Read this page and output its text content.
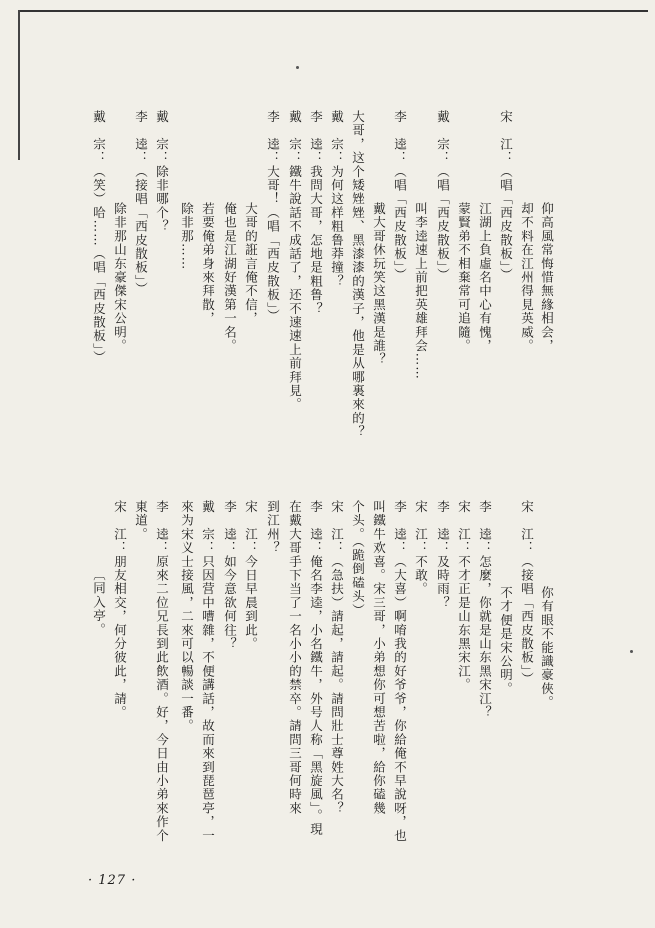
仰高風常悔惜無緣相会，
却不料在江州得見英威。
宋　江：（唱「西皮散板」）
江湖上負虛名中心有愧，
蒙賢弟不相棄常可追隨。
戴　宗：（唱「西皮散板」）
叫李逵速上前把英雄拜会……
李　逵：（唱「西皮散板」）
戴大哥休玩笑这黑漢是誰？
大哥，这个矮矬矬、黑漆漆的漢子，他是从哪裏來的？
戴　宗：为何这样粗鲁莽撞？
李　逵：我問大哥，怎地是粗鲁？
戴　宗：鐵牛說話不成話了，还不速速上前拜見。
李　逵：大哥！（唱「西皮散板」）
大哥的誑言俺不信，
俺也是江湖好漢第一名。
若要俺弟身來拜散，
除非那……
戴　宗：除非哪个？
李　逵：（接唱「西皮散板」）
除非那山东豪傑宋公明。
戴　宗：（笑）哈……（唱「西皮散板」）
你有眼不能識豪俠。
宋　江：（接唱「西皮散板」）
不才便是宋公明。
李　逵：怎麼，你就是山东黑宋江？
宋　江：不才正是山东黑宋江。
李　逵：及時雨？
宋　江：不敢。
李　逵：（大喜）啊唷我的好爷爷，你給俺不早說呀，也
叫鐵牛欢喜。宋三哥，小弟想你可想苦啦，給你磕幾
个头。（跪倒磕头）
宋　江：（急扶）請起，請起。請問壯士尊姓大名？
李　逵：俺名李逵，小名鐵牛，外号人称「黑旋風」。現
在戴大哥手下当了一名小小的禁卒。請問三哥何時來
到江州？
宋　江：今日早晨到此。
李　逵：如今意欲何往？
戴　宗：只因营中嘈雜，不便講話，故而來到琵琶亭，一
來为宋义士接風，二來可以暢談一番。
李　逵：原來二位兄長到此飲酒。好，今日由小弟來作个
東道。
宋　江：朋友相交，何分彼此，請。
〔同入亭。
· 127 ·
